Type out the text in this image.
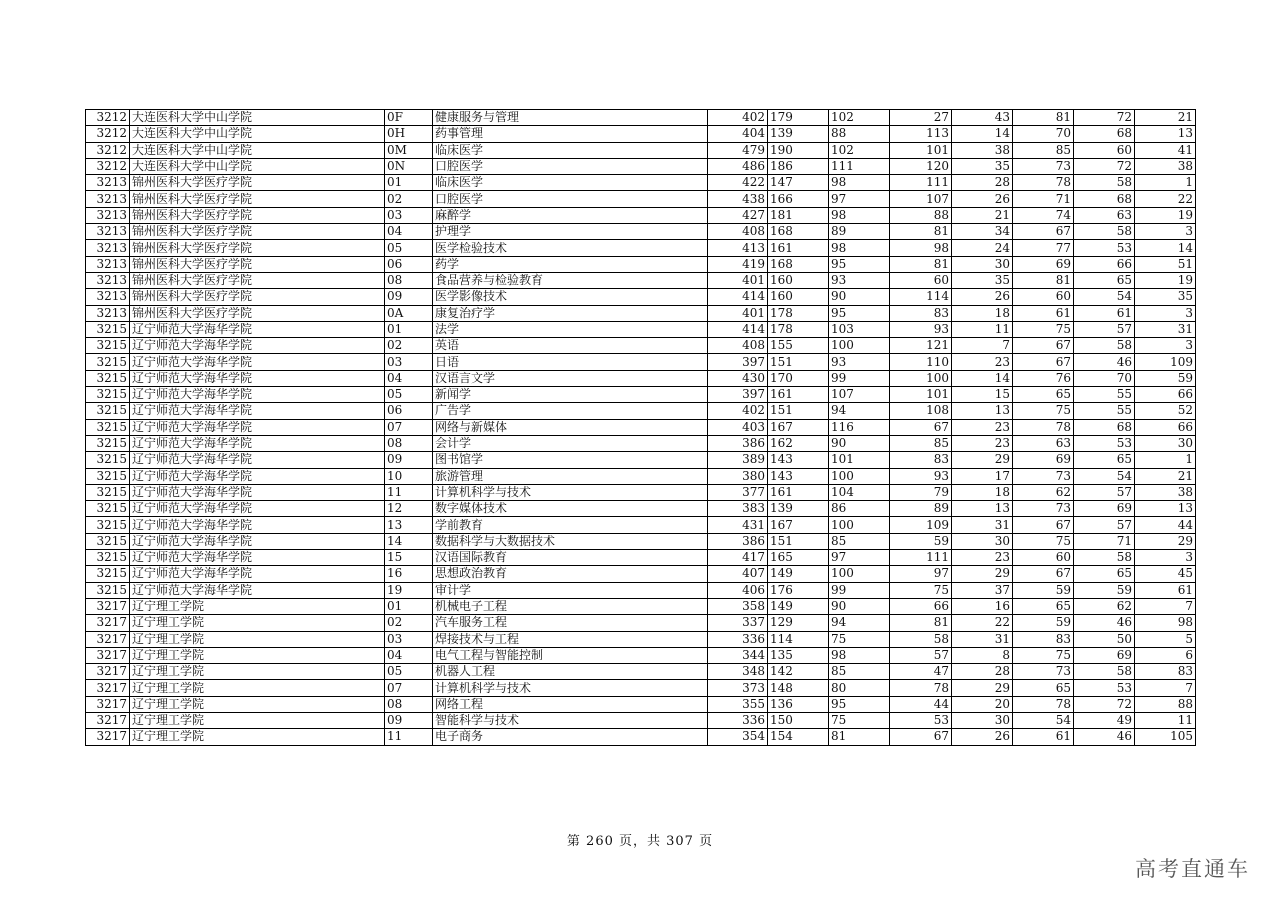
3212	大连医科大学中山学院	0F	健康服务与管理	402	179	102	27	43	81	72	21
3212	大连医科大学中山学院	0H	药事管理	404	139	88	113	14	70	68	13
3212	大连医科大学中山学院	0M	临床医学	479	190	102	101	38	85	60	41
3212	大连医科大学中山学院	0N	口腔医学	486	186	111	120	35	73	72	38
3213	锦州医科大学医疗学院	01	临床医学	422	147	98	111	28	78	58	1
3213	锦州医科大学医疗学院	02	口腔医学	438	166	97	107	26	71	68	22
3213	锦州医科大学医疗学院	03	麻醉学	427	181	98	88	21	74	63	19
3213	锦州医科大学医疗学院	04	护理学	408	168	89	81	34	67	58	3
3213	锦州医科大学医疗学院	05	医学检验技术	413	161	98	98	24	77	53	14
3213	锦州医科大学医疗学院	06	药学	419	168	95	81	30	69	66	51
3213	锦州医科大学医疗学院	08	食品营养与检验教育	401	160	93	60	35	81	65	19
3213	锦州医科大学医疗学院	09	医学影像技术	414	160	90	114	26	60	54	35
3213	锦州医科大学医疗学院	0A	康复治疗学	401	178	95	83	18	61	61	3
3215	辽宁师范大学海华学院	01	法学	414	178	103	93	11	75	57	31
3215	辽宁师范大学海华学院	02	英语	408	155	100	121	7	67	58	3
3215	辽宁师范大学海华学院	03	日语	397	151	93	110	23	67	46	109
3215	辽宁师范大学海华学院	04	汉语言文学	430	170	99	100	14	76	70	59
3215	辽宁师范大学海华学院	05	新闻学	397	161	107	101	15	65	55	66
3215	辽宁师范大学海华学院	06	广告学	402	151	94	108	13	75	55	52
3215	辽宁师范大学海华学院	07	网络与新媒体	403	167	116	67	23	78	68	66
3215	辽宁师范大学海华学院	08	会计学	386	162	90	85	23	63	53	30
3215	辽宁师范大学海华学院	09	图书馆学	389	143	101	83	29	69	65	1
3215	辽宁师范大学海华学院	10	旅游管理	380	143	100	93	17	73	54	21
3215	辽宁师范大学海华学院	11	计算机科学与技术	377	161	104	79	18	62	57	38
3215	辽宁师范大学海华学院	12	数字媒体技术	383	139	86	89	13	73	69	13
3215	辽宁师范大学海华学院	13	学前教育	431	167	100	109	31	67	57	44
3215	辽宁师范大学海华学院	14	数据科学与大数据技术	386	151	85	59	30	75	71	29
3215	辽宁师范大学海华学院	15	汉语国际教育	417	165	97	111	23	60	58	3
3215	辽宁师范大学海华学院	16	思想政治教育	407	149	100	97	29	67	65	45
3215	辽宁师范大学海华学院	19	审计学	406	176	99	75	37	59	59	61
3217	辽宁理工学院	01	机械电子工程	358	149	90	66	16	65	62	7
3217	辽宁理工学院	02	汽车服务工程	337	129	94	81	22	59	46	98
3217	辽宁理工学院	03	焊接技术与工程	336	114	75	58	31	83	50	5
3217	辽宁理工学院	04	电气工程与智能控制	344	135	98	57	8	75	69	6
3217	辽宁理工学院	05	机器人工程	348	142	85	47	28	73	58	83
3217	辽宁理工学院	07	计算机科学与技术	373	148	80	78	29	65	53	7
3217	辽宁理工学院	08	网络工程	355	136	95	44	20	78	72	88
3217	辽宁理工学院	09	智能科学与技术	336	150	75	53	30	54	49	11
3217	辽宁理工学院	11	电子商务	354	154	81	67	26	61	46	105
第 260 页，共 307 页
高考直通车
